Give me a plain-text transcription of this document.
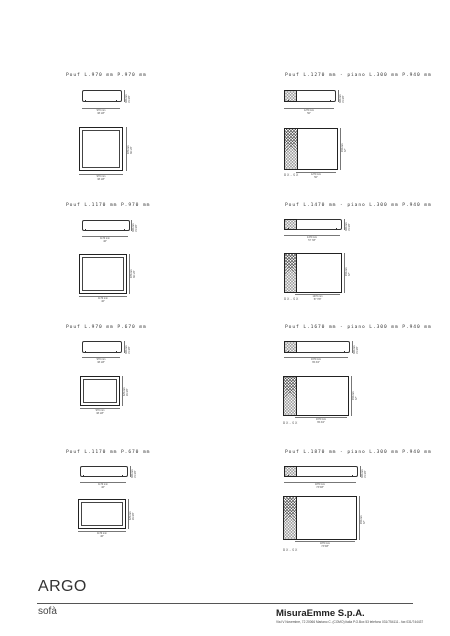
Pouf L.970 mm P.970 mm
390 mm
15 3/8"
970 mm
38 1/8"
970 mm
38 1/8"
970 mm
38 1/8"
Pouf L.1270 mm - piano L.300 mm P.940 mm
390 mm
15 3/8"
1270 mm
50"
940 mm
37"
1270 mm
50"
DX-SX
Pouf L.1170 mm P.970 mm
390 mm
15 3/8"
1170 mm
46"
970 mm
38 1/8"
1170 mm
46"
Pouf L.1470 mm - piano L.300 mm P.940 mm
390 mm
15 3/8"
1470 mm
57 7/8"
940 mm
37"
1470 mm
57 7/8"
DX-SX
Pouf L.970 mm P.670 mm
390 mm
15 3/8"
970 mm
38 1/8"
670 mm
26 3/8"
970 mm
38 1/8"
Pouf L.1670 mm - piano L.300 mm P.940 mm
390 mm
15 3/8"
1670 mm
65 3/4"
940 mm
37"
1670 mm
65 3/4"
DX-SX
Pouf L.1170 mm P.670 mm
390 mm
15 3/8"
1170 mm
46"
670 mm
26 3/8"
1170 mm
46"
Pouf L.1870 mm - piano L.300 mm P.940 mm
390 mm
15 3/8"
1870 mm
73 5/8"
940 mm
37"
1870 mm
73 5/8"
DX-SX
ARGO
sofà	MisuraEmme S.p.A.
Via IV Novembre, 72 20066 Mariano C. (COMO) Italia P.O.Box 53 telefono 031/754111 - fax 031/744437
